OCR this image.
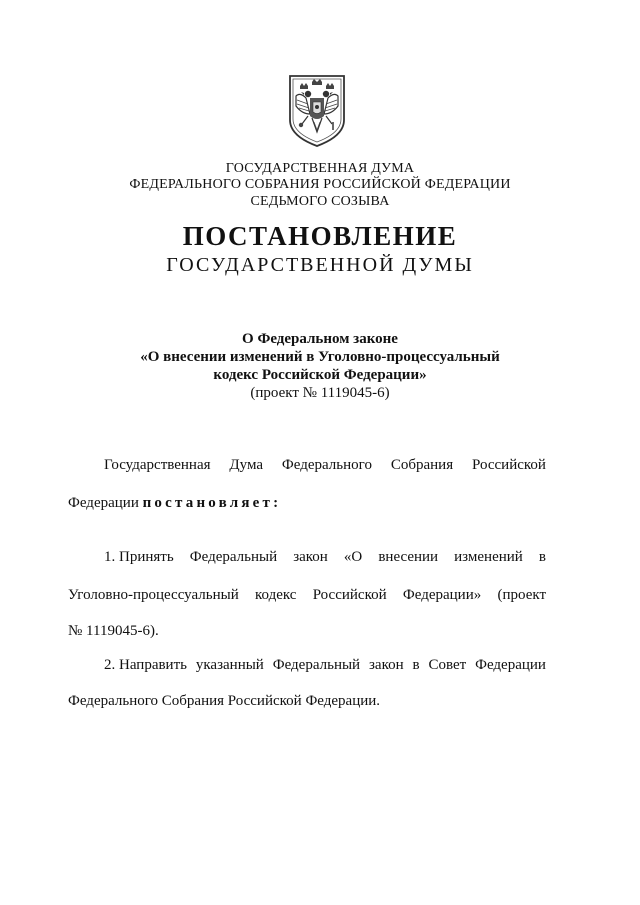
ГОСУДАРСТВЕННАЯ ДУМА
ФЕДЕРАЛЬНОГО СОБРАНИЯ РОССИЙСКОЙ ФЕДЕРАЦИИ
СЕДЬМОГО СОЗЫВА
ПОСТАНОВЛЕНИЕ
ГОСУДАРСТВЕННОЙ ДУМЫ
О Федеральном законе
«О внесении изменений в Уголовно-процессуальный
кодекс Российской Федерации»
(проект № 1119045-6)
Государственная Дума Федерального Собрания Российской
Федерации постановляет:
1. Принять Федеральный закон «О внесении изменений в
Уголовно-процессуальный кодекс Российской Федерации» (проект
№ 1119045-6).
2. Направить указанный Федеральный закон в Совет Федерации
Федерального Собрания Российской Федерации.
